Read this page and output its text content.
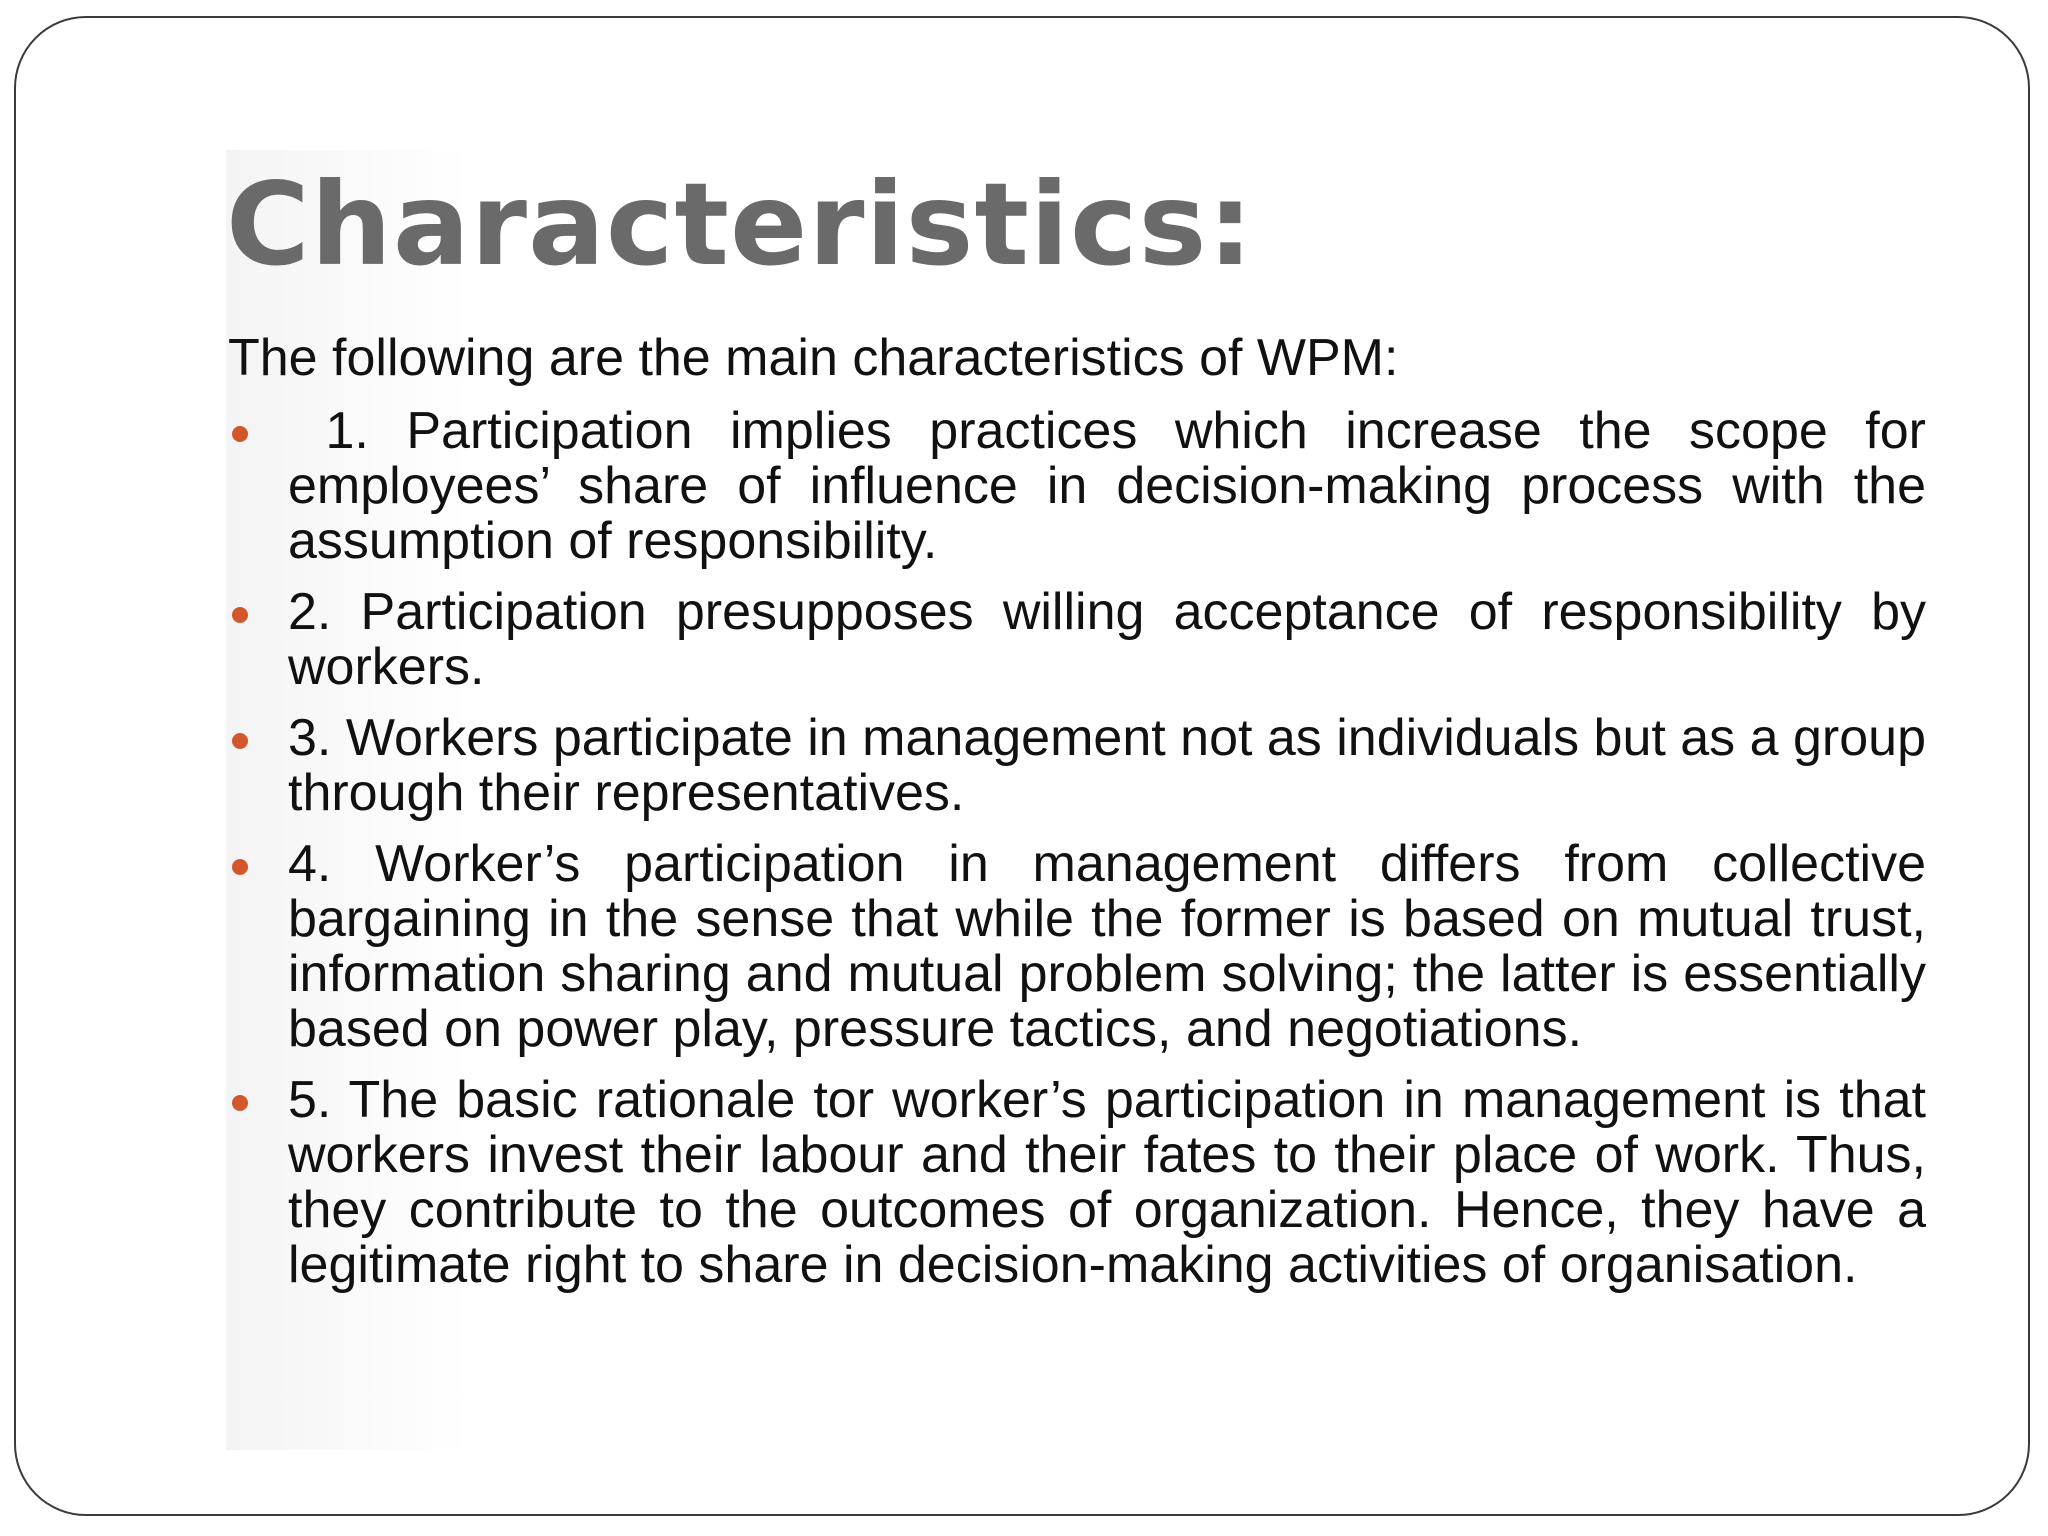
Characteristics:

The following are the main characteristics of WPM:

1. Participation implies practices which increase the scope for employees’ share of influence in decision-making process with the assumption of responsibility.
2. Participation presupposes willing acceptance of responsibility by workers.
3. Workers participate in management not as individuals but as a group through their representatives.
4. Worker’s participation in management differs from collective bargaining in the sense that while the former is based on mutual trust, information sharing and mutual problem solving; the latter is essentially based on power play, pressure tactics, and negotiations.
5. The basic rationale tor worker’s participation in management is that workers invest their labour and their fates to their place of work. Thus, they contribute to the outcomes of organization. Hence, they have a legitimate right to share in decision-making activities of organisation.
